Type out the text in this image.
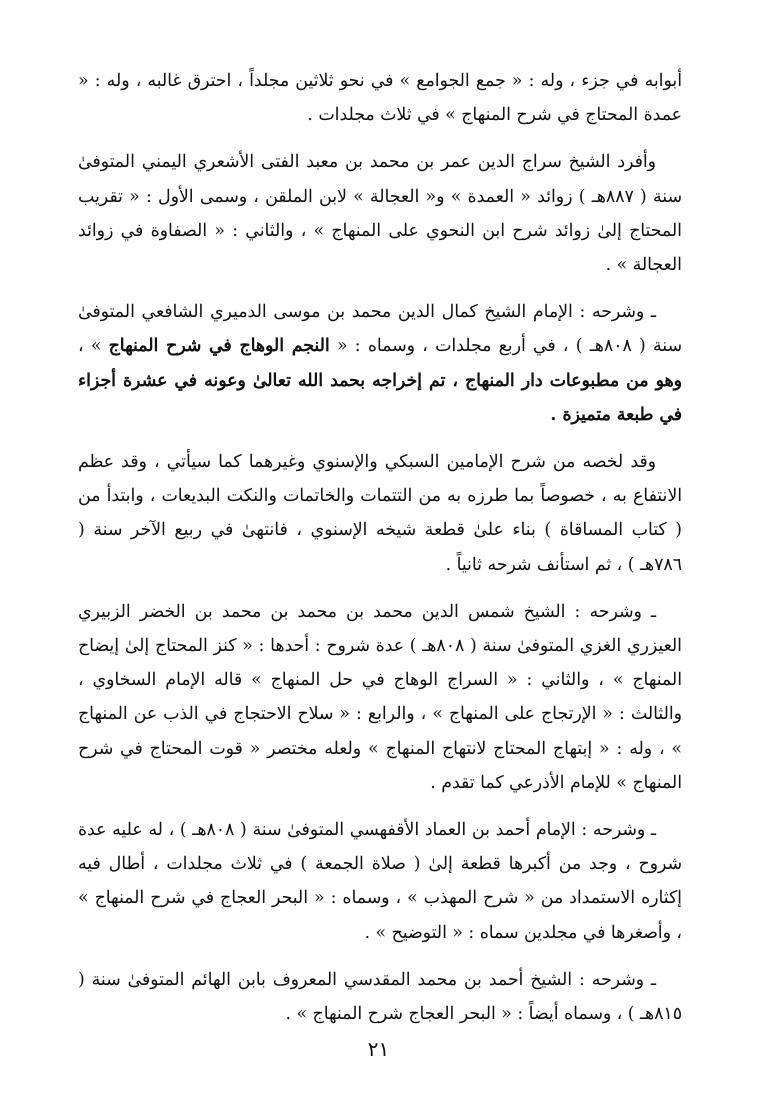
أبوابه في جزء ، وله : « جمع الجوامع » في نحو ثلاثين مجلداً ، احترق غالبه ، وله : « عمدة المحتاج في شرح المنهاج » في ثلاث مجلدات .

وأفرد الشيخ سراج الدين عمر بن محمد بن معبد الفتى الأشعري اليمني المتوفىٰ سنة ( ٨٨٧هـ ) زوائد « العمدة » و« العجالة » لابن الملقن ، وسمى الأول : « تقريب المحتاج إلىٰ زوائد شرح ابن النحوي على المنهاج » ، والثاني : « الصفاوة في زوائد العجالة » .

ـ وشرحه : الإمام الشيخ كمال الدين محمد بن موسى الدميري الشافعي المتوفىٰ سنة ( ٨٠٨هـ ) ، في أربع مجلدات ، وسماه : « النجم الوهاج في شرح المنهاج » ، وهو من مطبوعات دار المنهاج ، تم إخراجه بحمد الله تعالىٰ وعونه في عشرة أجزاء في طبعة متميزة .

وقد لخصه من شرح الإمامين السبكي والإسنوي وغيرهما كما سيأتي ، وقد عظم الانتفاع به ، خصوصاً بما طرزه به من التتمات والخاتمات والنكت البديعات ، وابتدأ من ( كتاب المساقاة ) بناء علىٰ قطعة شيخه الإسنوي ، فانتهىٰ في ربيع الآخر سنة ( ٧٨٦هـ ) ، ثم استأنف شرحه ثانياً .

ـ وشرحه : الشيخ شمس الدين محمد بن محمد بن محمد بن الخضر الزبيري العيزري الغزي المتوفىٰ سنة ( ٨٠٨هـ ) عدة شروح : أحدها : « كنز المحتاج إلىٰ إيضاح المنهاج » ، والثاني : « السراج الوهاج في حل المنهاج » قاله الإمام السخاوي ، والثالث : « الإرتجاج على المنهاج » ، والرابع : « سلاح الاحتجاج في الذب عن المنهاج » ، وله : « إبتهاج المحتاج لانتهاج المنهاج » ولعله مختصر « قوت المحتاج في شرح المنهاج » للإمام الأذرعي كما تقدم .

ـ وشرحه : الإمام أحمد بن العماد الأقفهسي المتوفىٰ سنة ( ٨٠٨هـ ) ، له عليه عدة شروح ، وجد من أكبرها قطعة إلىٰ ( صلاة الجمعة ) في ثلاث مجلدات ، أطال فيه إكثاره الاستمداد من « شرح المهذب » ، وسماه : « البحر العجاج في شرح المنهاج » ، وأصغرها في مجلدين سماه : « التوضيح » .

ـ وشرحه : الشيخ أحمد بن محمد المقدسي المعروف بابن الهائم المتوفىٰ سنة ( ٨١٥هـ ) ، وسماه أيضاً : « البحر العجاج شرح المنهاج » .

٢١
